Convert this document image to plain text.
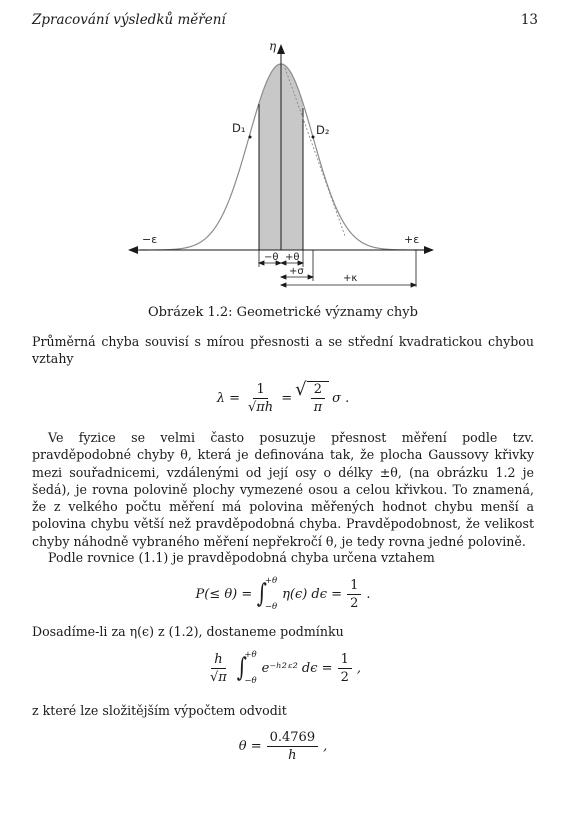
Zpracování výsledků měření	13
η
D₁	D₂
−ε	+ε
−θ +θ
+σ
+κ
Obrázek 1.2: Geometrické významy chyb

Průměrná chyba souvisí s mírou přesnosti a se střední kvadratickou chybou vztahy

$\lambda = \frac{1}{√\pi h}$ = √ $\frac{2}{\pi}$ σ .

Ve fyzice se velmi často posuzuje přesnost měření podle tzv. pravděpodobné chyby θ, která je definována tak, že plocha Gaussovy křivky mezi souřadnicemi, vzdálenými od její osy o délky ±θ, (na obrázku 1.2 je šedá), je rovna polovině plochy vymezené osou a celou křivkou. To znamená, že z velkého počtu měření má polovina měřených hodnot chybu menší a polovina chybu větší než pravděpodobná chyba. Pravděpodobnost, že velikost chyby náhodně vybraného měření nepřekročí θ, je tedy rovna jedné polovině.

Podle rovnice (1.1) je pravděpodobná chyba určena vztahem

P(≤ θ) = ∫
+θ
−θ
η(ϵ) $d\epsilon = \frac{1}{2}$ .

Dosadíme-li za η(ϵ) z (1.2), dostaneme podmínku

$\frac{h}{√\pi}$ ∫
+θ
−θ
e⁻ʰ²ᵋ² $d\epsilon = \frac{1}{2}$ ,

z které lze složitějším výpočtem odvodit

$\theta = \frac{0.4769}{h}$ ,
